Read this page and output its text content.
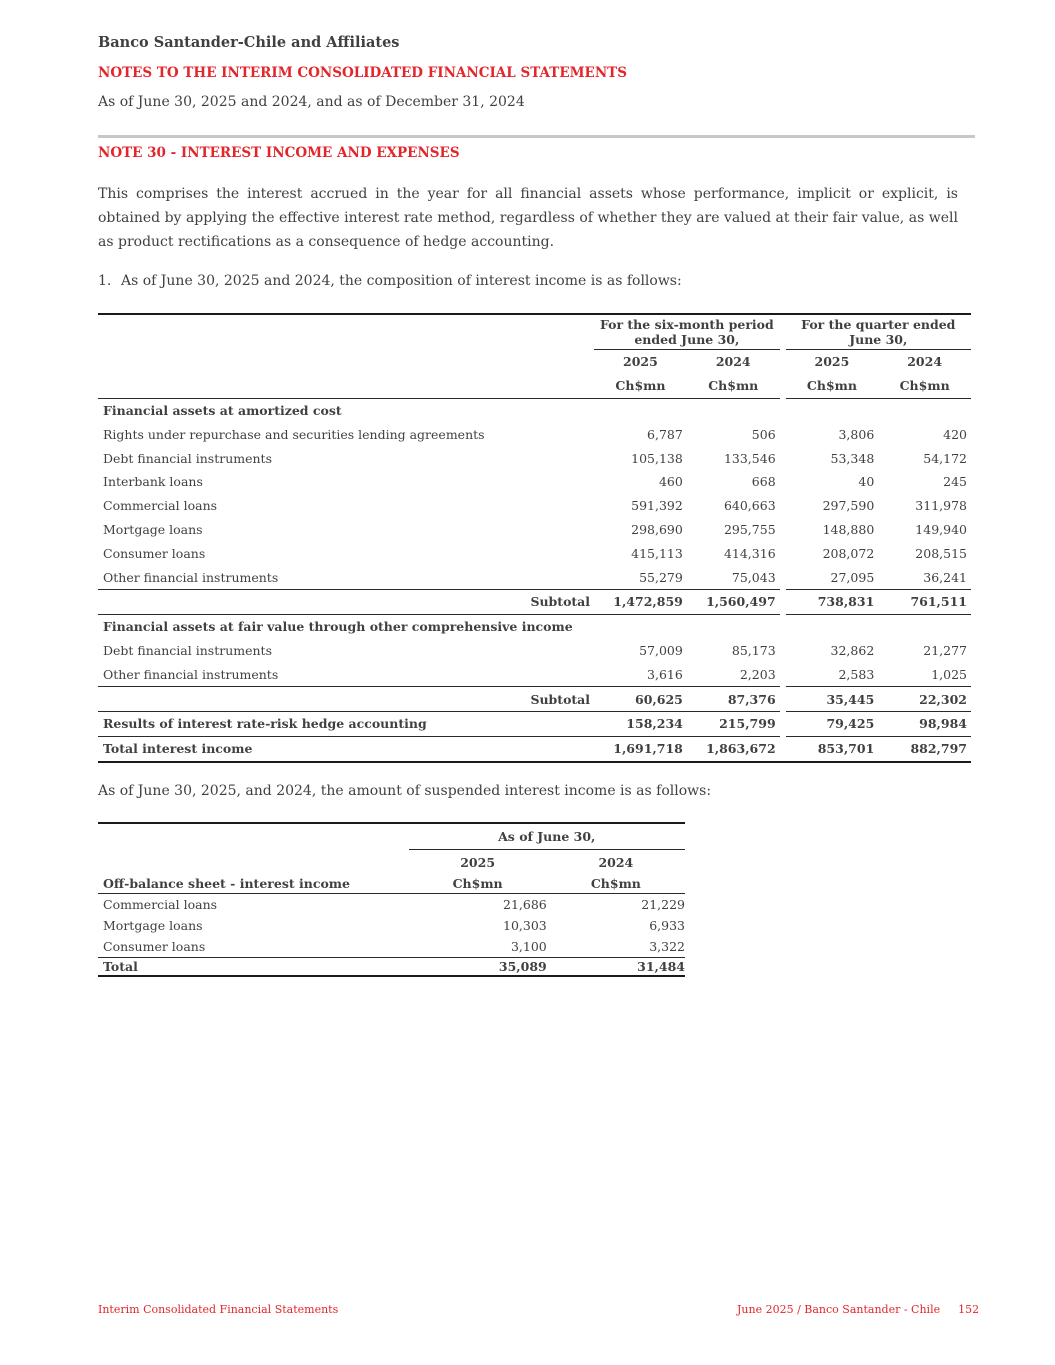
Banco Santander-Chile and Affiliates
NOTES TO THE INTERIM CONSOLIDATED FINANCIAL STATEMENTS
As of June 30, 2025 and 2024, and as of December 31, 2024
NOTE 30 - INTEREST INCOME AND EXPENSES
This comprises the interest accrued in the year for all financial assets whose performance, implicit or explicit, is obtained by applying the effective interest rate method, regardless of whether they are valued at their fair value, as well as product rectifications as a consequence of hedge accounting.
1. As of June 30, 2025 and 2024, the composition of interest income is as follows:
	For the six-month period ended June 30,			For the quarter ended June 30,	
	2025	2024		2025	2024
	Ch$mn	Ch$mn		Ch$mn	Ch$mn
Financial assets at amortized cost					
Rights under repurchase and securities lending agreements	6,787	506		3,806	420
Debt financial instruments	105,138	133,546		53,348	54,172
Interbank loans	460	668		40	245
Commercial loans	591,392	640,663		297,590	311,978
Mortgage loans	298,690	295,755		148,880	149,940
Consumer loans	415,113	414,316		208,072	208,515
Other financial instruments	55,279	75,043		27,095	36,241
Subtotal	1,472,859	1,560,497		738,831	761,511
Financial assets at fair value through other comprehensive income					
Debt financial instruments	57,009	85,173		32,862	21,277
Other financial instruments	3,616	2,203		2,583	1,025
Subtotal	60,625	87,376		35,445	22,302
Results of interest rate-risk hedge accounting	158,234	215,799		79,425	98,984
Total interest income	1,691,718	1,863,672		853,701	882,797
As of June 30, 2025, and 2024, the amount of suspended interest income is as follows:
	As of June 30,	
	2025	2024
Off-balance sheet - interest income	Ch$mn	Ch$mn
Commercial loans	21,686	21,229
Mortgage loans	10,303	6,933
Consumer loans	3,100	3,322
Total	35,089	31,484
Interim Consolidated Financial Statements	June 2025 / Banco Santander - Chile 152
